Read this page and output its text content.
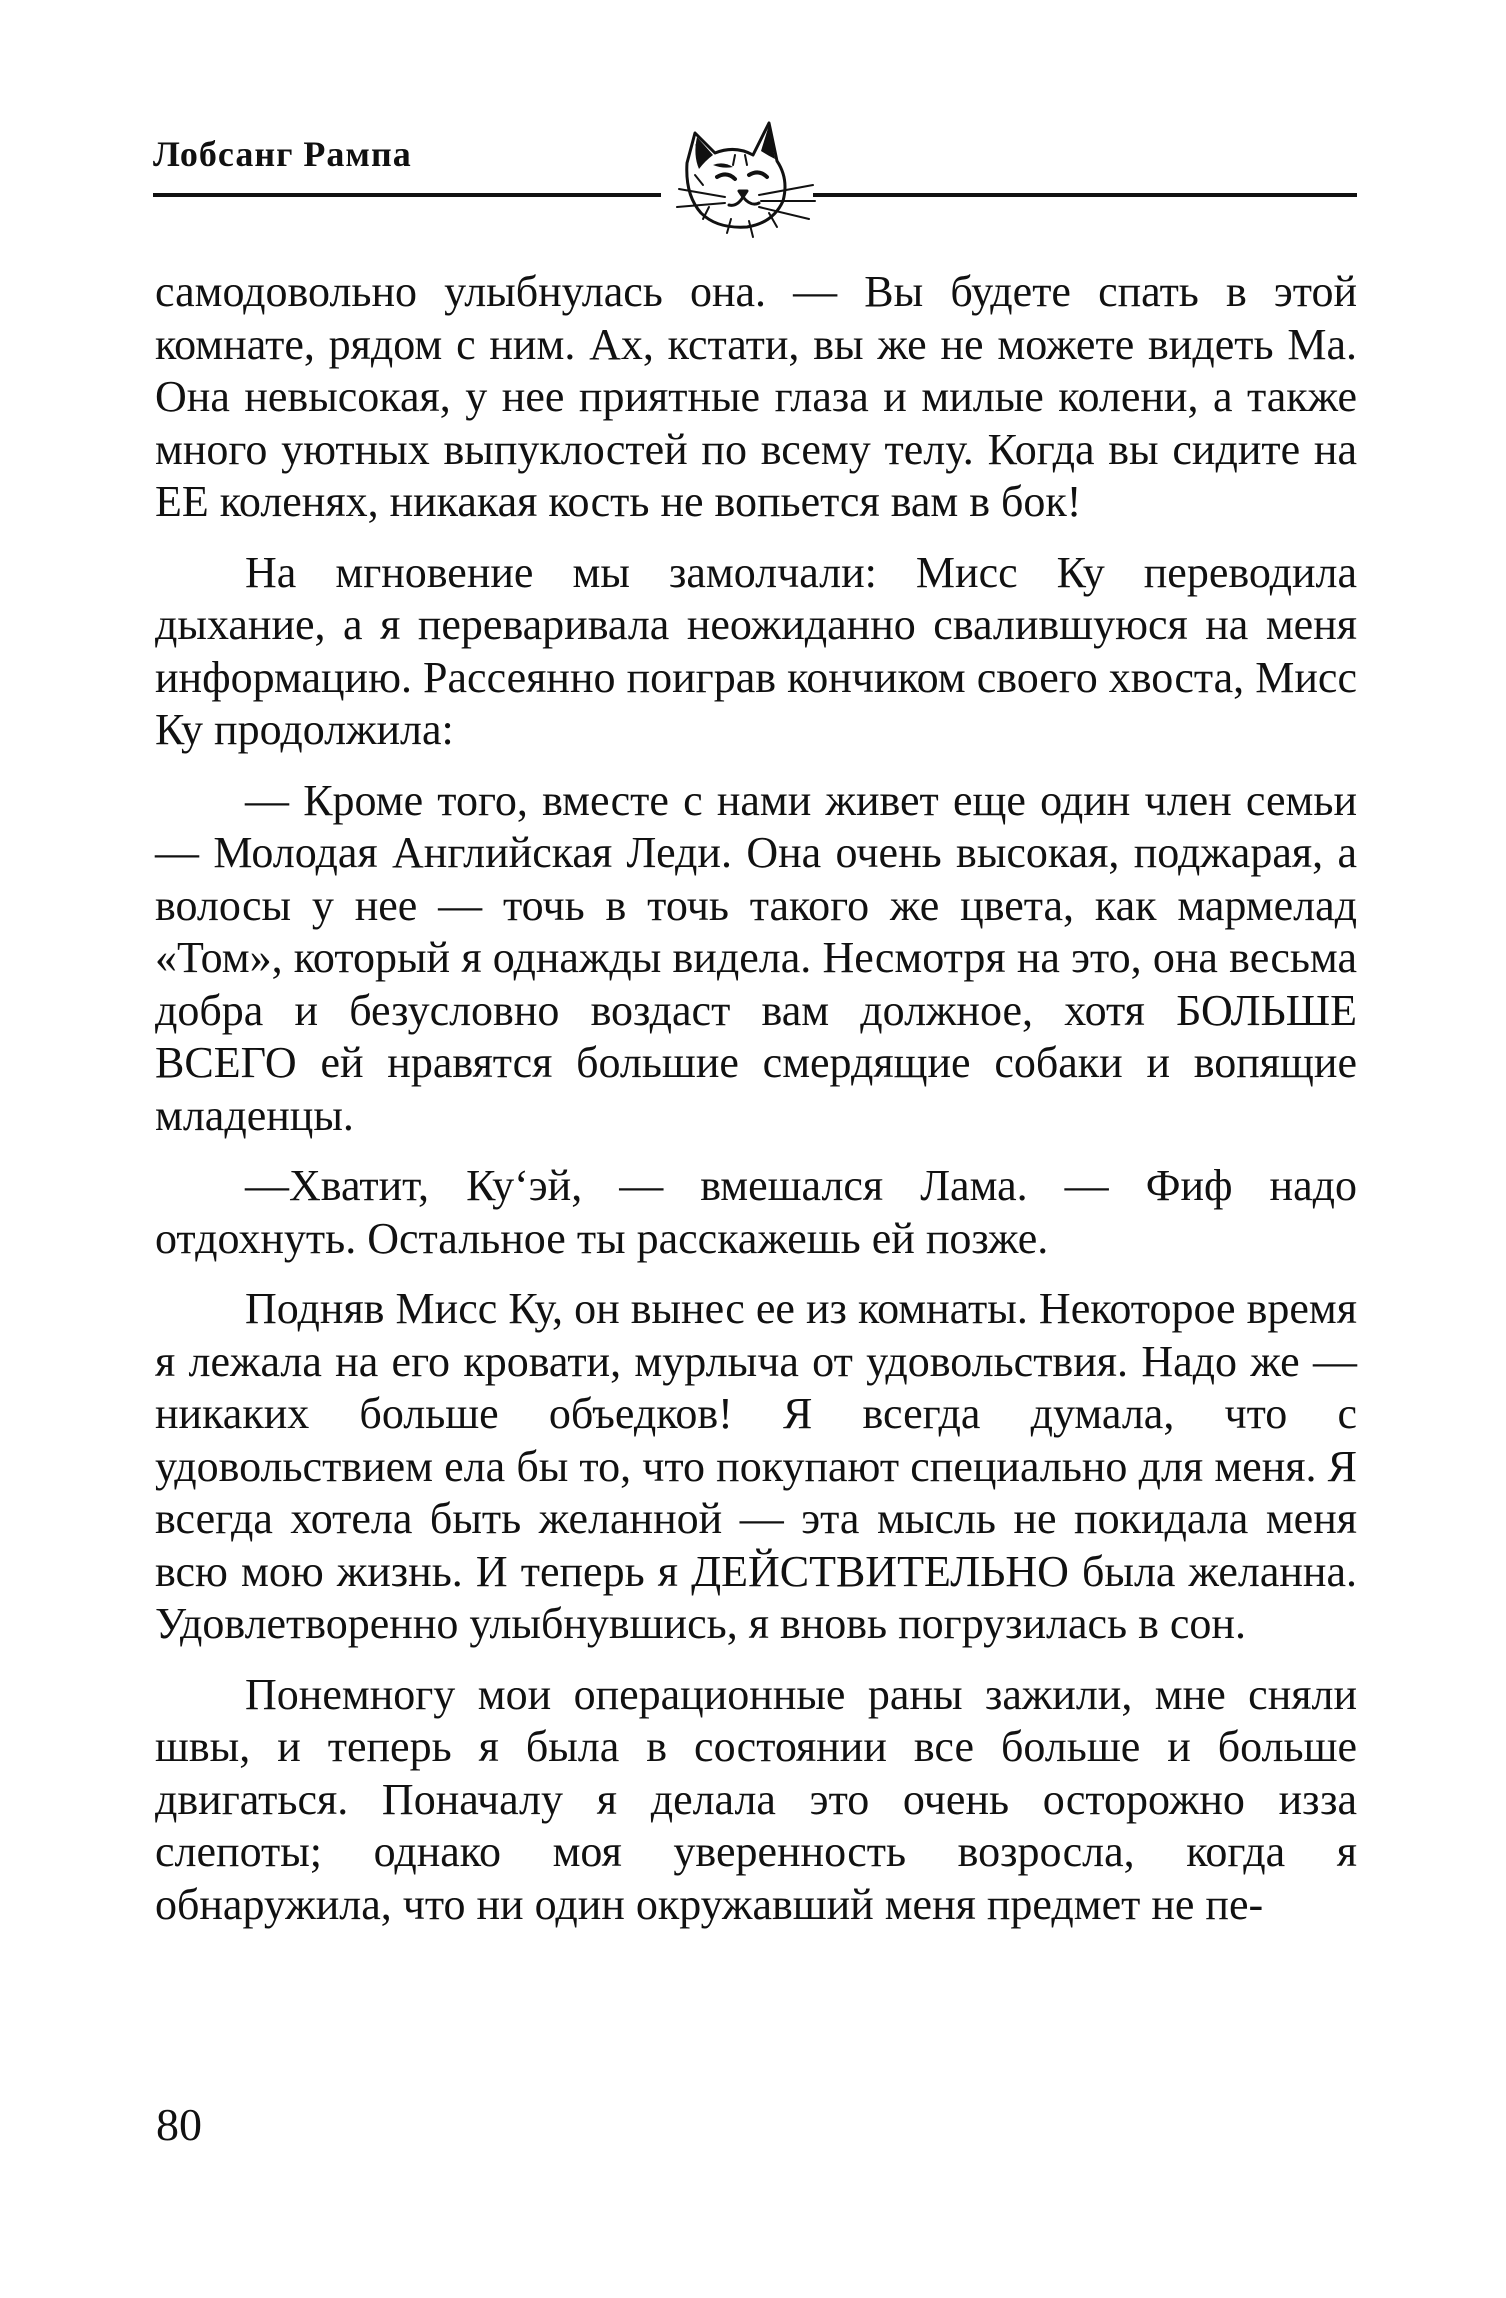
Лобсанг Рампа

самодовольно улыбнулась она. — Вы будете спать в этой комнате, рядом с ним. Ах, кстати, вы же не можете видеть Ма. Она невысокая, у нее приятные глаза и милые колени, а также много уютных выпуклостей по всему телу. Когда вы сидите на ЕЕ коленях, никакая кость не вопьется вам в бок!

На мгновение мы замолчали: Мисс Ку переводила дыхание, а я переваривала неожиданно свалившуюся на меня информацию. Рассеянно поиграв кончиком своего хвоста, Мисс Ку продолжила:

— Кроме того, вместе с нами живет еще один член семьи — Молодая Английская Леди. Она очень высокая, поджарая, а волосы у нее — точь в точь такого же цвета, как мармелад «Том», который я однажды видела. Несмотря на это, она весьма добра и безусловно воздаст вам должное, хотя БОЛЬШЕ ВСЕГО ей нравятся большие смердящие собаки и вопящие младенцы.

—Хватит, Ку‘эй, — вмешался Лама. — Фиф надо отдохнуть. Остальное ты расскажешь ей позже.

Подняв Мисс Ку, он вынес ее из комнаты. Некоторое время я лежала на его кровати, мурлыча от удовольствия. Надо же — никаких больше объедков! Я всегда думала, что с удовольствием ела бы то, что покупают специально для меня. Я всегда хотела быть желанной — эта мысль не покидала меня всю мою жизнь. И теперь я ДЕЙСТВИТЕЛЬНО была желанна. Удовлетворенно улыбнувшись, я вновь погрузилась в сон.

Понемногу мои операционные раны зажили, мне сняли швы, и теперь я была в состоянии все больше и больше двигаться. Поначалу я делала это очень осторожно изза слепоты; однако моя уверенность возросла, когда я обнаружила, что ни один окружавший меня предмет не пе-

80
